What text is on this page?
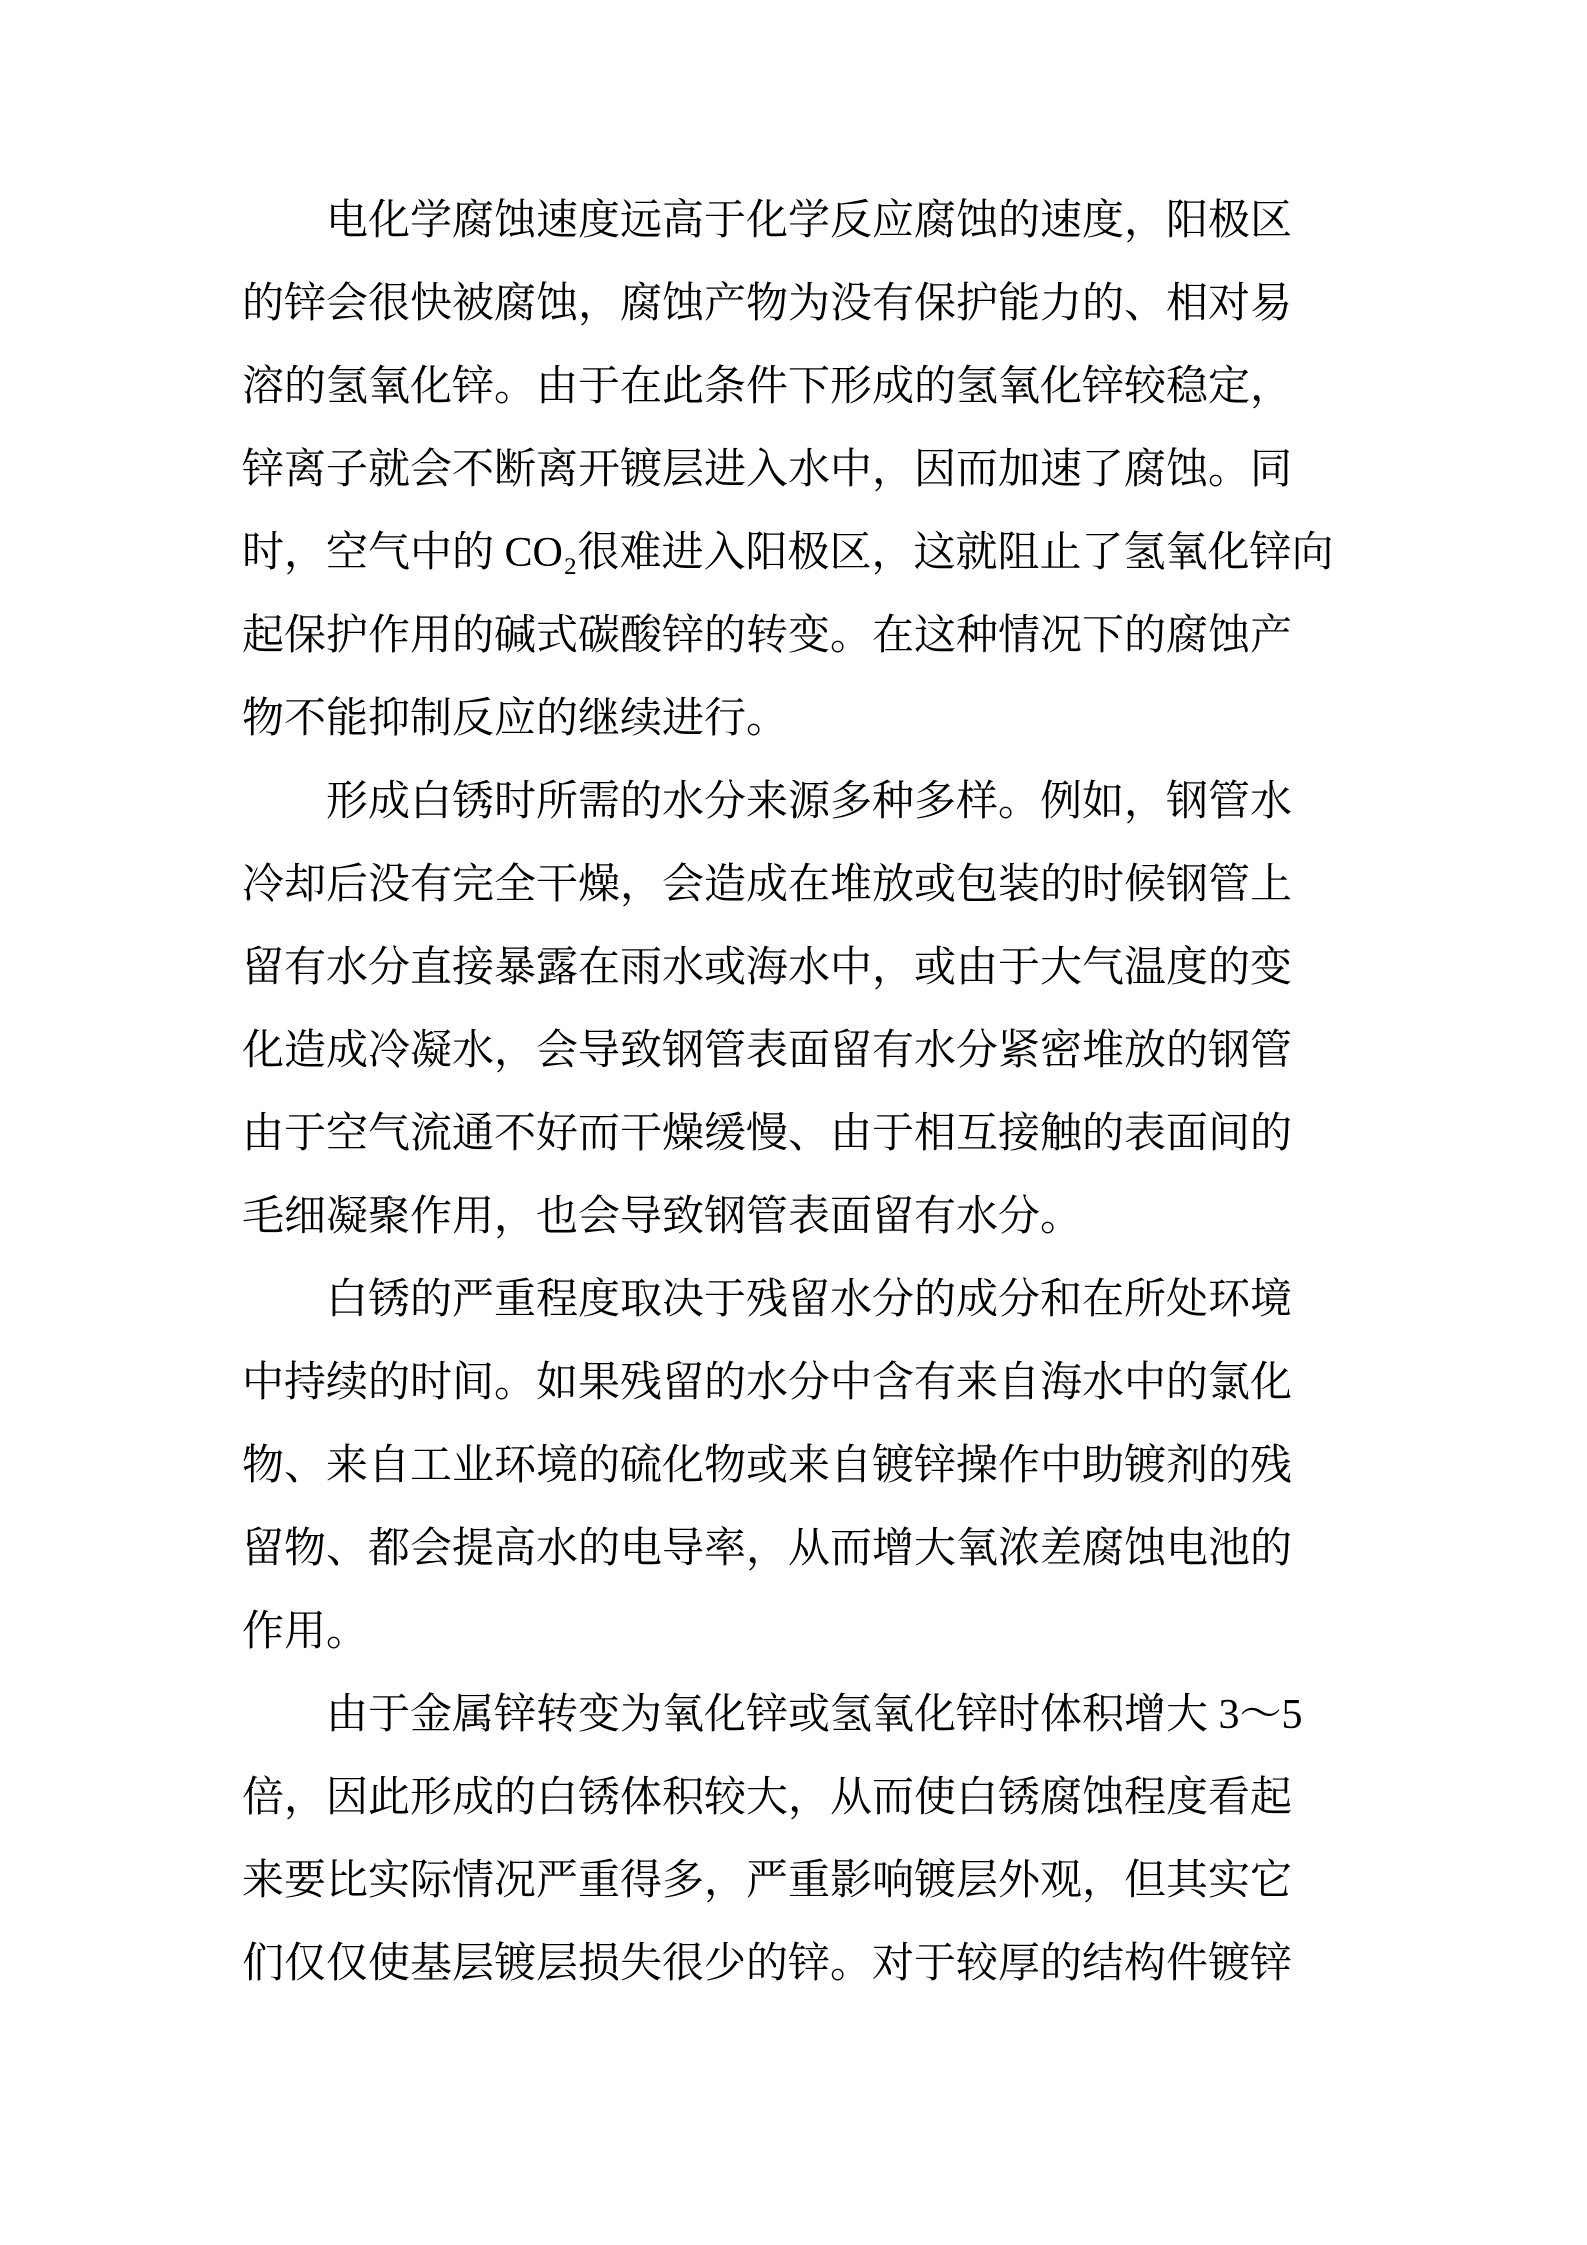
电化学腐蚀速度远高于化学反应腐蚀的速度，阳极区
的锌会很快被腐蚀，腐蚀产物为没有保护能力的、相对易
溶的氢氧化锌。由于在此条件下形成的氢氧化锌较稳定，
锌离子就会不断离开镀层进入水中，因而加速了腐蚀。同
时，空气中的 CO₂很难进入阳极区，这就阻止了氢氧化锌向
起保护作用的碱式碳酸锌的转变。在这种情况下的腐蚀产
物不能抑制反应的继续进行。
形成白锈时所需的水分来源多种多样。例如，钢管水
冷却后没有完全干燥，会造成在堆放或包装的时候钢管上
留有水分直接暴露在雨水或海水中，或由于大气温度的变
化造成冷凝水，会导致钢管表面留有水分紧密堆放的钢管
由于空气流通不好而干燥缓慢、由于相互接触的表面间的
毛细凝聚作用，也会导致钢管表面留有水分。
白锈的严重程度取决于残留水分的成分和在所处环境
中持续的时间。如果残留的水分中含有来自海水中的氯化
物、来自工业环境的硫化物或来自镀锌操作中助镀剂的残
留物、都会提高水的电导率，从而增大氧浓差腐蚀电池的
作用。
由于金属锌转变为氧化锌或氢氧化锌时体积增大 3～5
倍，因此形成的白锈体积较大，从而使白锈腐蚀程度看起
来要比实际情况严重得多，严重影响镀层外观，但其实它
们仅仅使基层镀层损失很少的锌。对于较厚的结构件镀锌
